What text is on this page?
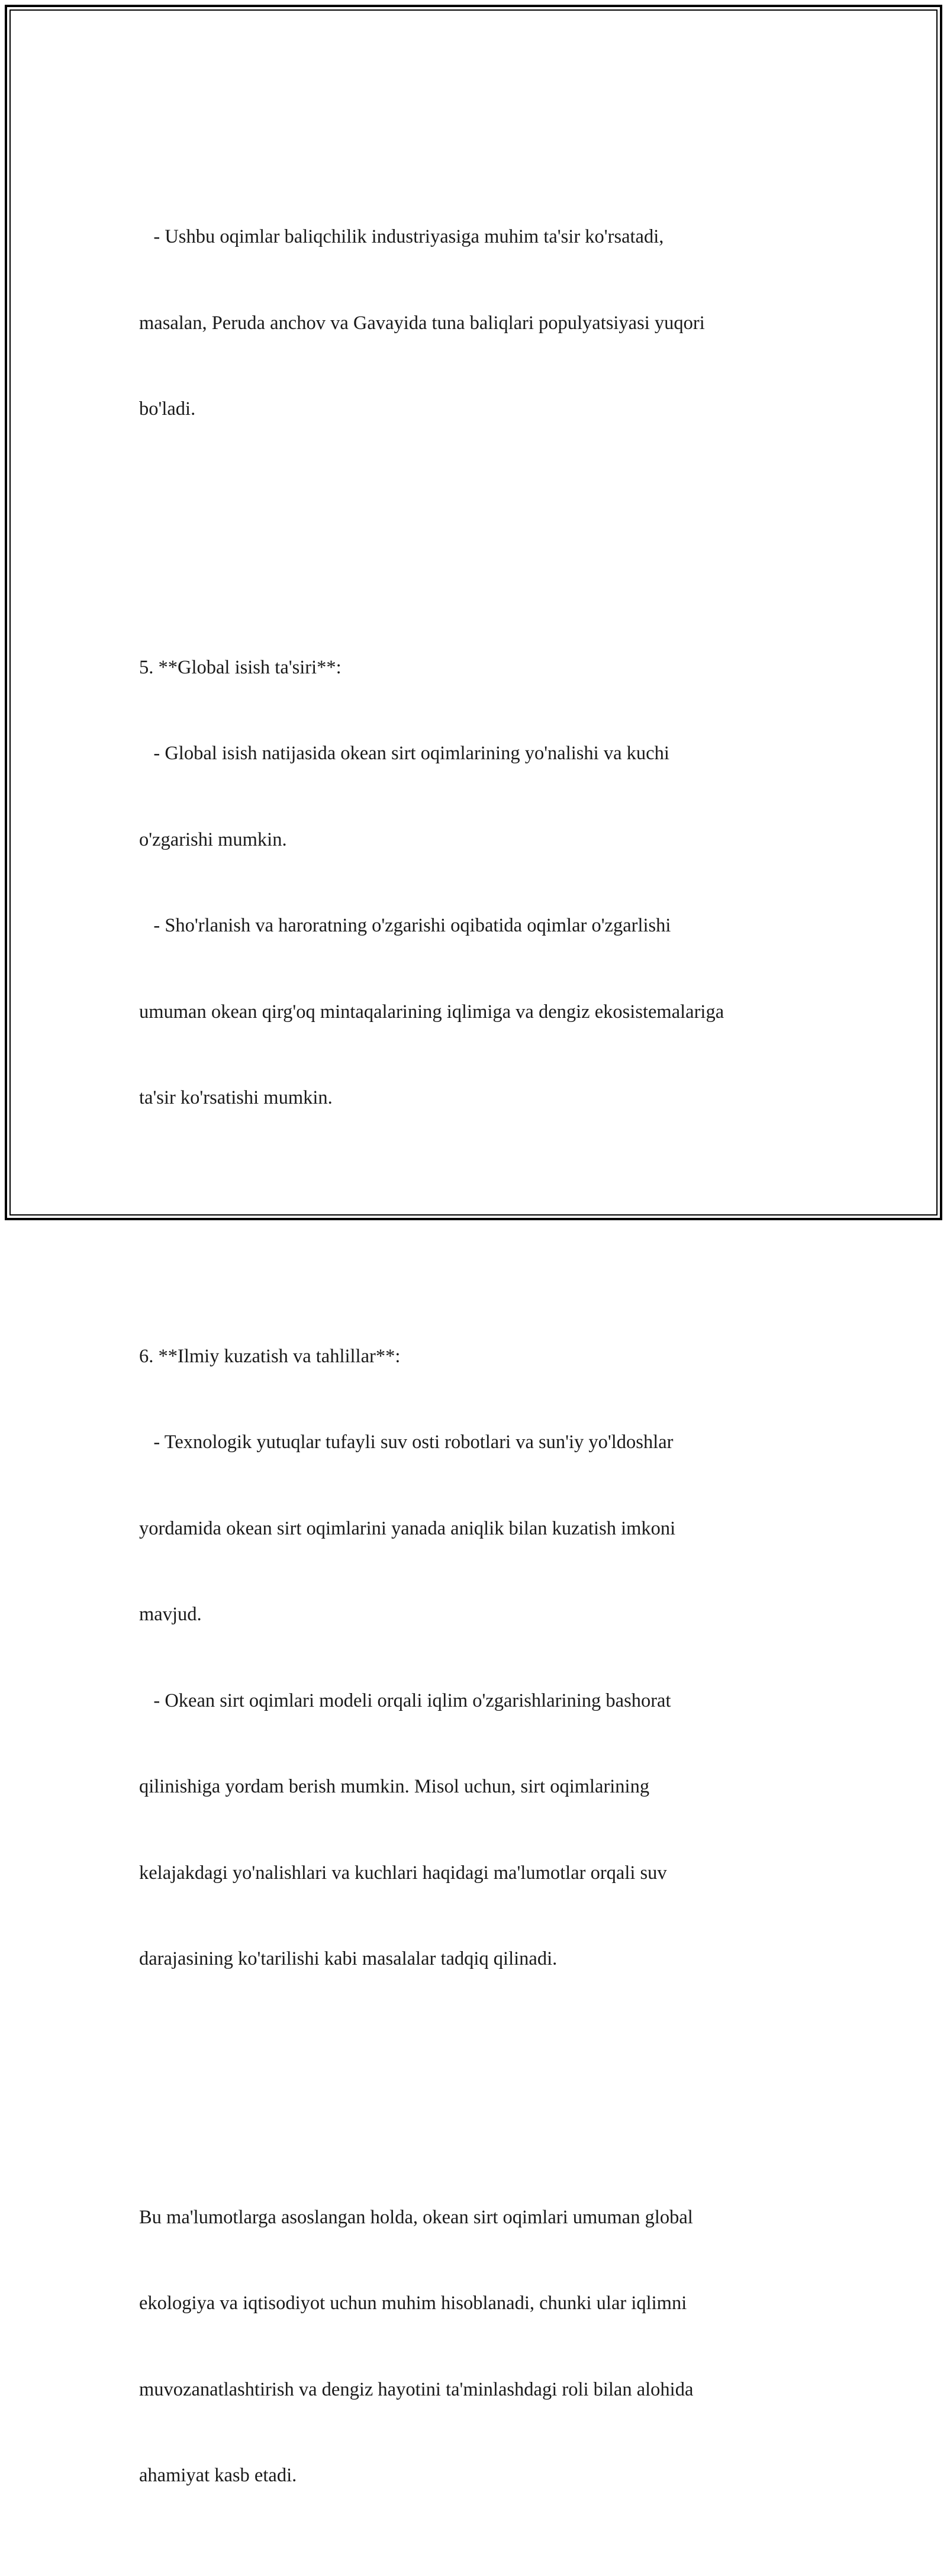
- Ushbu oqimlar baliqchilik industriyasiga muhim ta'sir ko'rsatadi,

masalan, Peruda anchov va Gavayida tuna baliqlari populyatsiyasi yuqori

bo'ladi.

5. **Global isish ta'siri**:

- Global isish natijasida okean sirt oqimlarining yo'nalishi va kuchi

o'zgarishi mumkin.

- Sho'rlanish va haroratning o'zgarishi oqibatida oqimlar o'zgarlishi

umuman okean qirg'oq mintaqalarining iqlimiga va dengiz ekosistemalariga

ta'sir ko'rsatishi mumkin.

6. **Ilmiy kuzatish va tahlillar**:

- Texnologik yutuqlar tufayli suv osti robotlari va sun'iy yo'ldoshlar

yordamida okean sirt oqimlarini yanada aniqlik bilan kuzatish imkoni

mavjud.

- Okean sirt oqimlari modeli orqali iqlim o'zgarishlarining bashorat

qilinishiga yordam berish mumkin. Misol uchun, sirt oqimlarining

kelajakdagi yo'nalishlari va kuchlari haqidagi ma'lumotlar orqali suv

darajasining ko'tarilishi kabi masalalar tadqiq qilinadi.

Bu ma'lumotlarga asoslangan holda, okean sirt oqimlari umuman global

ekologiya va iqtisodiyot uchun muhim hisoblanadi, chunki ular iqlimni

muvozanatlashtirish va dengiz hayotini ta'minlashdagi roli bilan alohida

ahamiyat kasb etadi.
